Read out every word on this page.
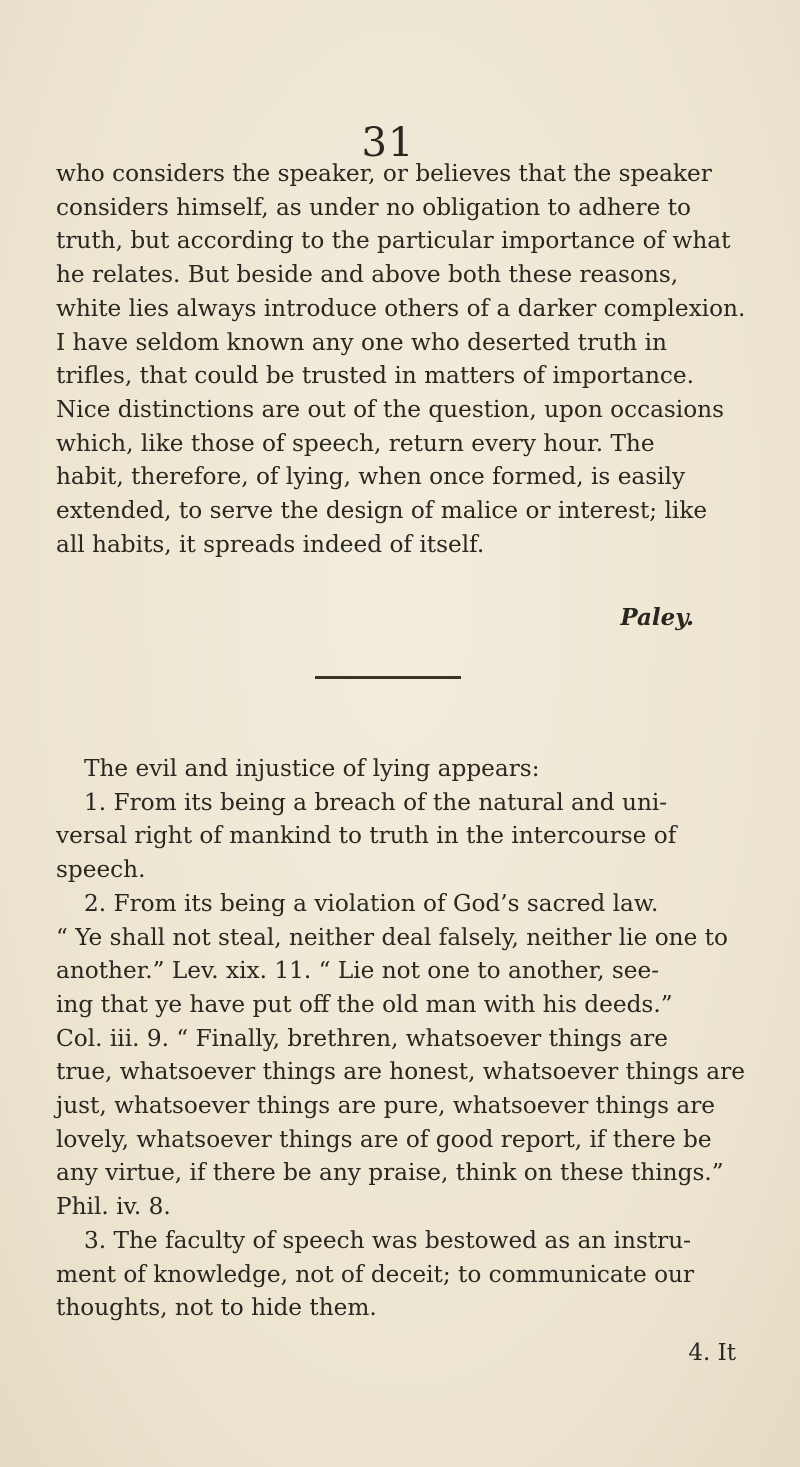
31
who considers the speaker, or believes that the speaker
considers himself, as under no obligation to adhere to
truth, but according to the particular importance of what
he relates. But beside and above both these reasons,
white lies always introduce others of a darker complexion.
I have seldom known any one who deserted truth in
trifles, that could be trusted in matters of importance.
Nice distinctions are out of the question, upon occasions
which, like those of speech, return every hour. The
habit, therefore, of lying, when once formed, is easily
extended, to serve the design of malice or interest; like
all habits, it spreads indeed of itself.
Paley.
The evil and injustice of lying appears:
1. From its being a breach of the natural and uni-
versal right of mankind to truth in the intercourse of
speech.
2. From its being a violation of God’s sacred law.
“ Ye shall not steal, neither deal falsely, neither lie one to
another.” Lev. xix. 11. “ Lie not one to another, see-
ing that ye have put off the old man with his deeds.”
Col. iii. 9. “ Finally, brethren, whatsoever things are
true, whatsoever things are honest, whatsoever things are
just, whatsoever things are pure, whatsoever things are
lovely, whatsoever things are of good report, if there be
any virtue, if there be any praise, think on these things.”
Phil. iv. 8.
3. The faculty of speech was bestowed as an instru-
ment of knowledge, not of deceit; to communicate our
thoughts, not to hide them.
4. It
